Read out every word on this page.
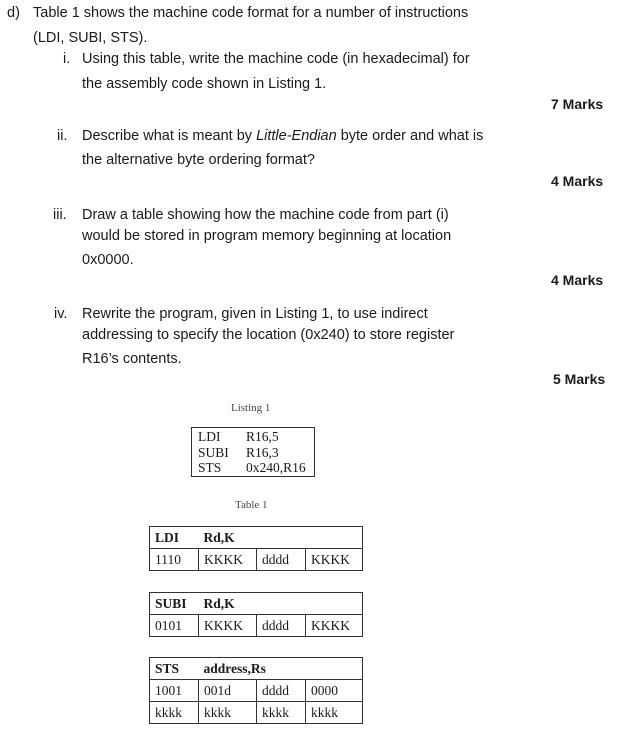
d) Table 1 shows the machine code format for a number of instructions
(LDI, SUBI, STS).
i. Using this table, write the machine code (in hexadecimal) for
the assembly code shown in Listing 1.
7 Marks
ii. Describe what is meant by Little-Endian byte order and what is
the alternative byte ordering format?
4 Marks
iii. Draw a table showing how the machine code from part (i)
would be stored in program memory beginning at location
0x0000.
4 Marks
iv. Rewrite the program, given in Listing 1, to use indirect
addressing to specify the location (0x240) to store register
R16’s contents.
5 Marks
Listing 1
LDI R16,5
SUBI R16,3
STS 0x240,R16
Table 1
LDI	Rd,K		
1110	KKKK	dddd	KKKK
SUBI	Rd,K		
0101	KKKK	dddd	KKKK
STS	address,Rs		
1001	001d	dddd	0000
kkkk	kkkk	kkkk	kkkk
